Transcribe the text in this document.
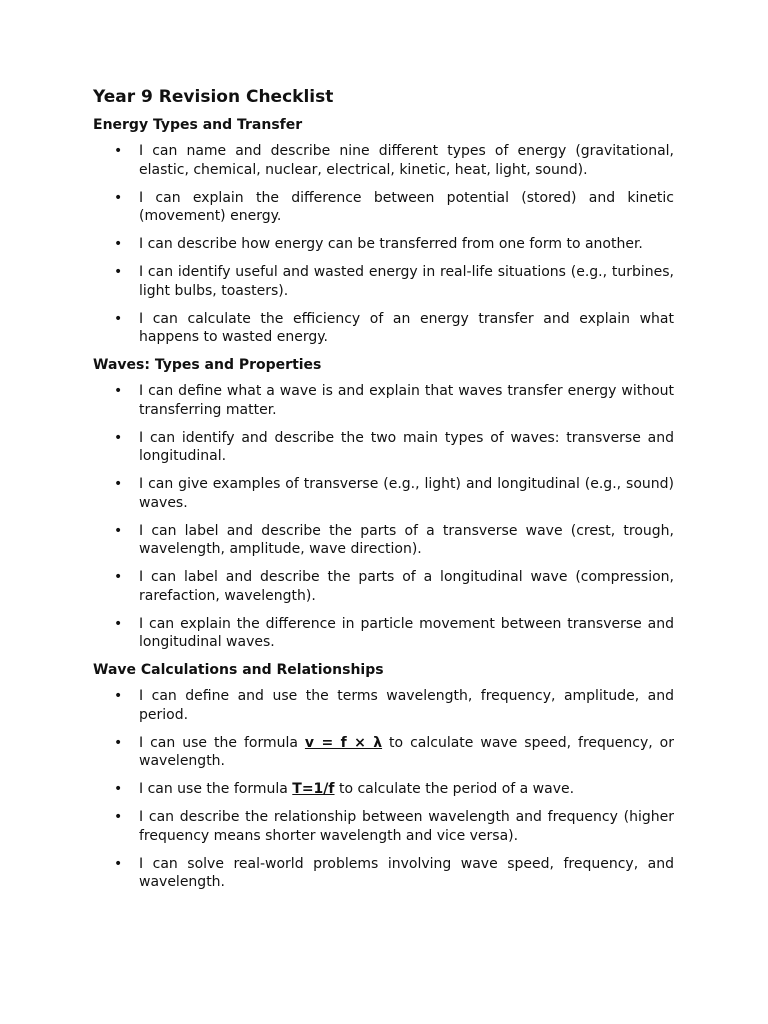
Year 9 Revision Checklist
Energy Types and Transfer
• I can name and describe nine different types of energy (gravitational, elastic, chemical, nuclear, electrical, kinetic, heat, light, sound).
• I can explain the difference between potential (stored) and kinetic (movement) energy.
• I can describe how energy can be transferred from one form to another.
• I can identify useful and wasted energy in real-life situations (e.g., turbines, light bulbs, toasters).
• I can calculate the efficiency of an energy transfer and explain what happens to wasted energy.
Waves: Types and Properties
• I can define what a wave is and explain that waves transfer energy without transferring matter.
• I can identify and describe the two main types of waves: transverse and longitudinal.
• I can give examples of transverse (e.g., light) and longitudinal (e.g., sound) waves.
• I can label and describe the parts of a transverse wave (crest, trough, wavelength, amplitude, wave direction).
• I can label and describe the parts of a longitudinal wave (compression, rarefaction, wavelength).
• I can explain the difference in particle movement between transverse and longitudinal waves.
Wave Calculations and Relationships
• I can define and use the terms wavelength, frequency, amplitude, and period.
• I can use the formula v = f × λ to calculate wave speed, frequency, or wavelength.
• I can use the formula T=1/f to calculate the period of a wave.
• I can describe the relationship between wavelength and frequency (higher frequency means shorter wavelength and vice versa).
• I can solve real-world problems involving wave speed, frequency, and wavelength.
